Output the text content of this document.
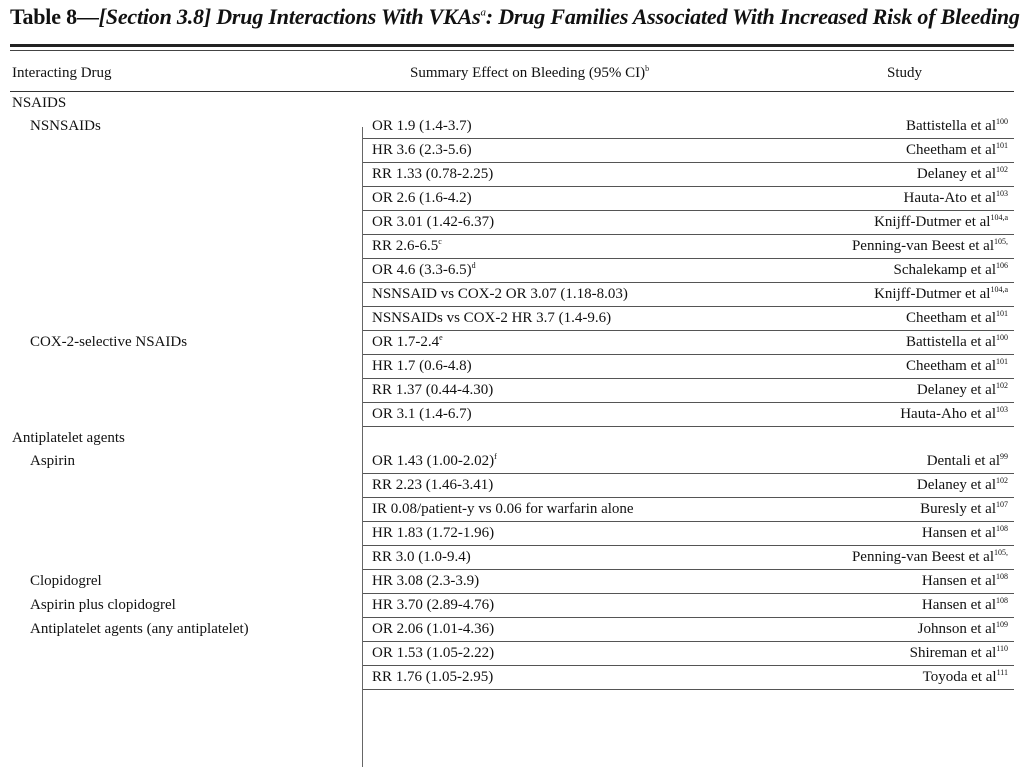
Table 8—[Section 3.8] Drug Interactions With VKAs$^a$: Drug Families Associated With Increased Risk of Bleeding
Interacting Drug	Summary Effect on Bleeding (95% CI)$^b$	Study
NSAIDS		
NSNSAIDs	OR 1.9 (1.4-3.7)	Battistella et $al^{100}$
	HR 3.6 (2.3-5.6)	Cheetham et $al^{101}$
	RR 1.33 (0.78-2.25)	Delaney et $al^{102}$
	OR 2.6 (1.6-4.2)	Hauta-Ato et $al^{103}$
	OR 3.01 (1.42-6.37)	Knijff-Dutmer et al$^{104,a}$
	RR 2.6-6.5$^c$	Penning-van Beest et $al^{105,}$
	OR 4.6 $(3.3-6.5)^d$	Schalekamp et $al^{106}$
	NSNSAID vs COX-2 OR 3.07 (1.18-8.03)	Knijff-Dutmer et al$^{104,a}$
	NSNSAIDs vs COX-2 HR 3.7 (1.4-9.6)	Cheetham et $al^{101}$
COX-2-selective NSAIDs	OR 1.7-2.4e	Battistella et $al^{100}$
	HR 1.7 (0.6-4.8)	Cheetham et $al^{101}$
	RR 1.37 (0.44-4.30)	Delaney et $al^{102}$
	OR 3.1 (1.4-6.7)	Hauta-Aho et $al^{103}$
Antiplatelet agents		
Aspirin	OR 1.43 $(1.00-2.02)^f$	Dentali et $al^{99}$
	RR 2.23 (1.46-3.41)	Delaney et $al^{102}$
	IR 0.08/patient-y vs 0.06 for warfarin alone	Buresly et $al^{107}$
	HR 1.83 (1.72-1.96)	Hansen et $al^{108}$
	RR 3.0 (1.0-9.4)	Penning-van Beest et $al^{105,}$
Clopidogrel	HR 3.08 (2.3-3.9)	Hansen et $al^{108}$
Aspirin plus clopidogrel	HR 3.70 (2.89-4.76)	Hansen et $al^{108}$
Antiplatelet agents (any antiplatelet)	OR 2.06 (1.01-4.36)	Johnson et $al^{109}$
	OR 1.53 (1.05-2.22)	Shireman et $al^{110}$
	RR 1.76 (1.05-2.95)	Toyoda et $al^{111}$
